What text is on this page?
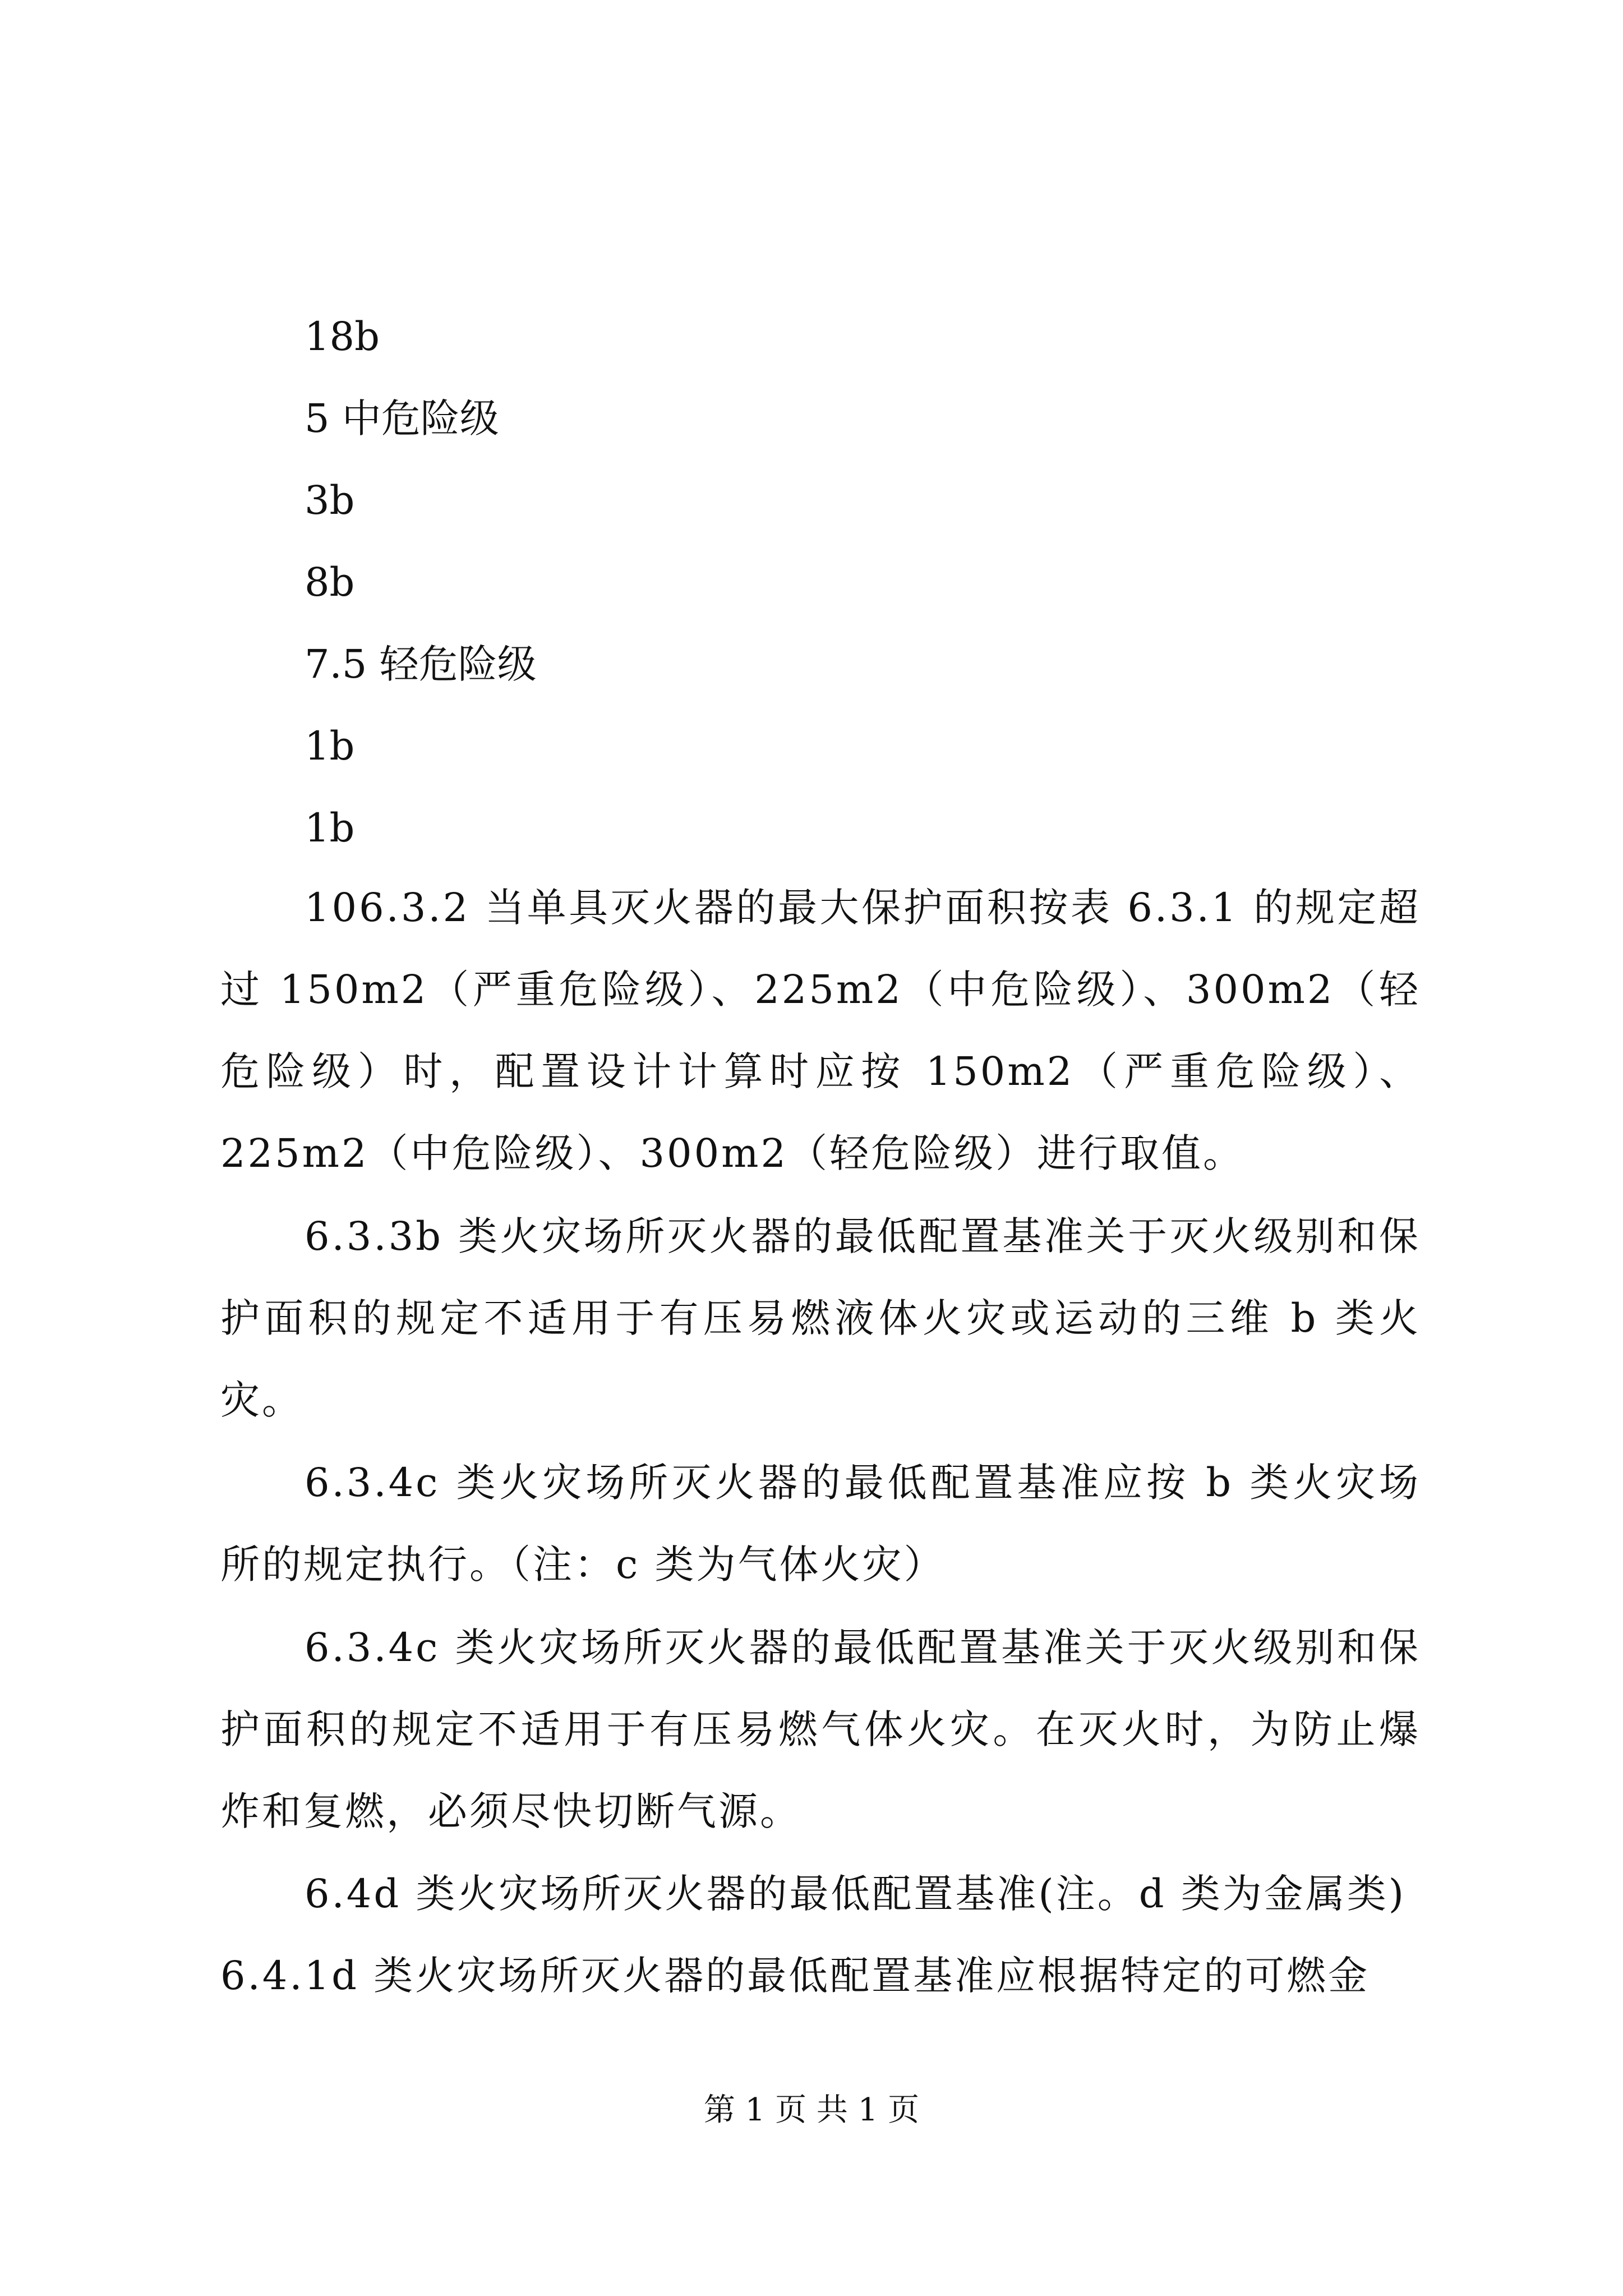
18b
5 中危险级
3b
8b
7.5 轻危险级
1b
1b

106.3.2 当单具灭火器的最大保护面积按表 6.3.1 的规定超过 150m2（严重危险级）、225m2（中危险级）、300m2（轻危险级）时，配置设计计算时应按 150m2（严重危险级）、225m2（中危险级）、300m2（轻危险级）进行取值。

6.3.3b 类火灾场所灭火器的最低配置基准关于灭火级别和保护面积的规定不适用于有压易燃液体火灾或运动的三维 b 类火灾。

6.3.4c 类火灾场所灭火器的最低配置基准应按 b 类火灾场所的规定执行。（注：c 类为气体火灾）

6.3.4c 类火灾场所灭火器的最低配置基准关于灭火级别和保护面积的规定不适用于有压易燃气体火灾。在灭火时，为防止爆炸和复燃，必须尽快切断气源。

6.4d 类火灾场所灭火器的最低配置基准(注。d 类为金属类)

6.4.1d 类火灾场所灭火器的最低配置基准应根据特定的可燃金

第 1 页 共 1 页
